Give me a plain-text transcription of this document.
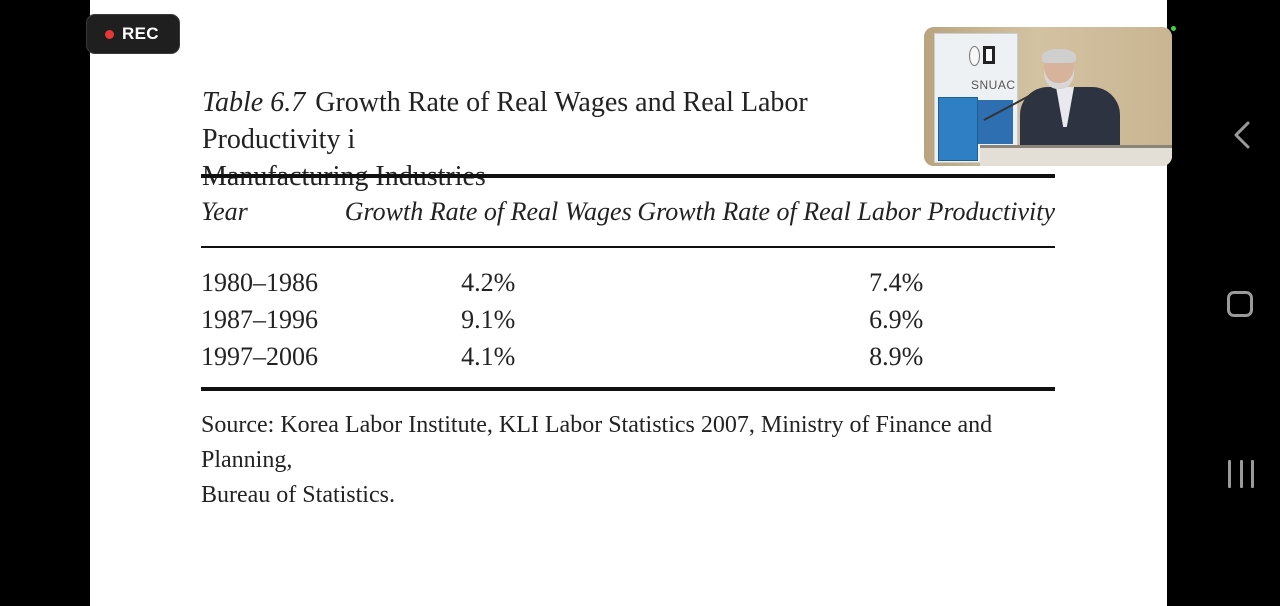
Table 6.7 Growth Rate of Real Wages and Real Labor Productivity i
Manufacturing Industries
Year	Growth Rate of Real Wages	Growth Rate of Real Labor Productivity
1980–1986	4.2%	7.4%
1987–1996	9.1%	6.9%
1997–2006	4.1%	8.9%
Source: Korea Labor Institute, KLI Labor Statistics 2007, Ministry of Finance and Planning,
Bureau of Statistics.
REC
SNUAC
